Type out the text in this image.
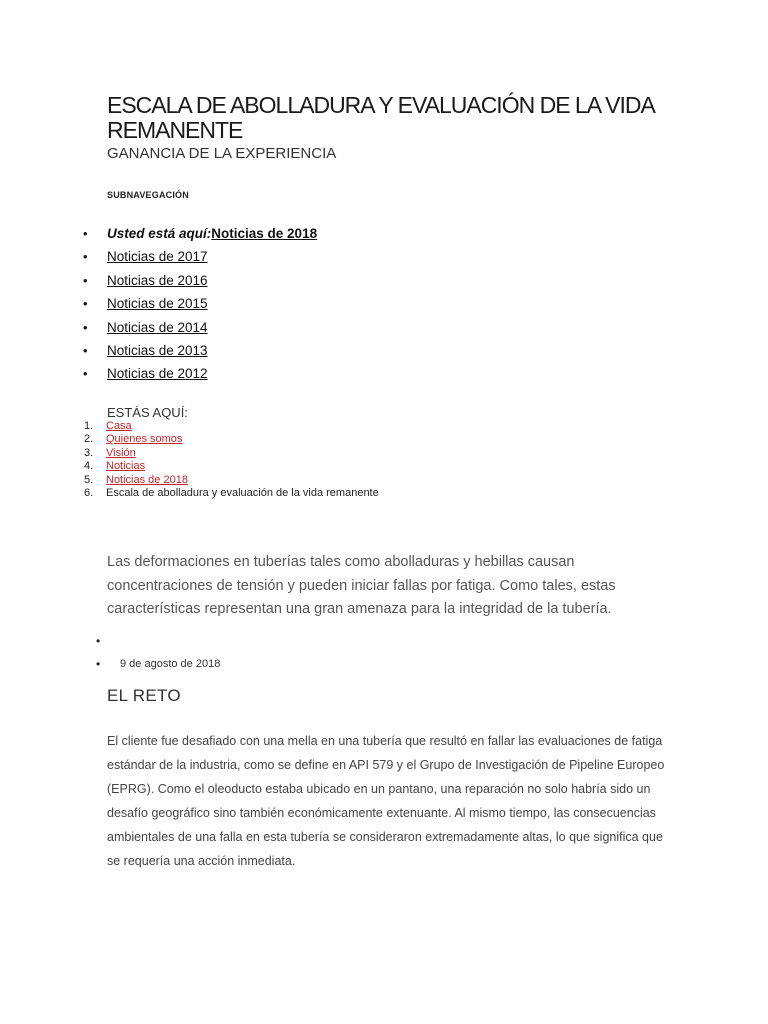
ESCALA DE ABOLLADURA Y EVALUACIÓN DE LA VIDA REMANENTE
GANANCIA DE LA EXPERIENCIA
SUBNAVEGACIÓN
• Usted está aquí:Noticias de 2018
• Noticias de 2017
• Noticias de 2016
• Noticias de 2015
• Noticias de 2014
• Noticias de 2013
• Noticias de 2012
ESTÁS AQUÍ:
1. Casa
2. Quienes somos
3. Visión
4. Noticias
5. Noticias de 2018
6. Escala de abolladura y evaluación de la vida remanente

Las deformaciones en tuberías tales como abolladuras y hebillas causan concentraciones de tensión y pueden iniciar fallas por fatiga. Como tales, estas características representan una gran amenaza para la integridad de la tubería.

•
• 9 de agosto de 2018
EL RETO

El cliente fue desafiado con una mella en una tubería que resultó en fallar las evaluaciones de fatiga estándar de la industria, como se define en API 579 y el Grupo de Investigación de Pipeline Europeo (EPRG). Como el oleoducto estaba ubicado en un pantano, una reparación no solo habría sido un desafío geográfico sino también económicamente extenuante. Al mismo tiempo, las consecuencias ambientales de una falla en esta tubería se consideraron extremadamente altas, lo que significa que se requería una acción inmediata.
